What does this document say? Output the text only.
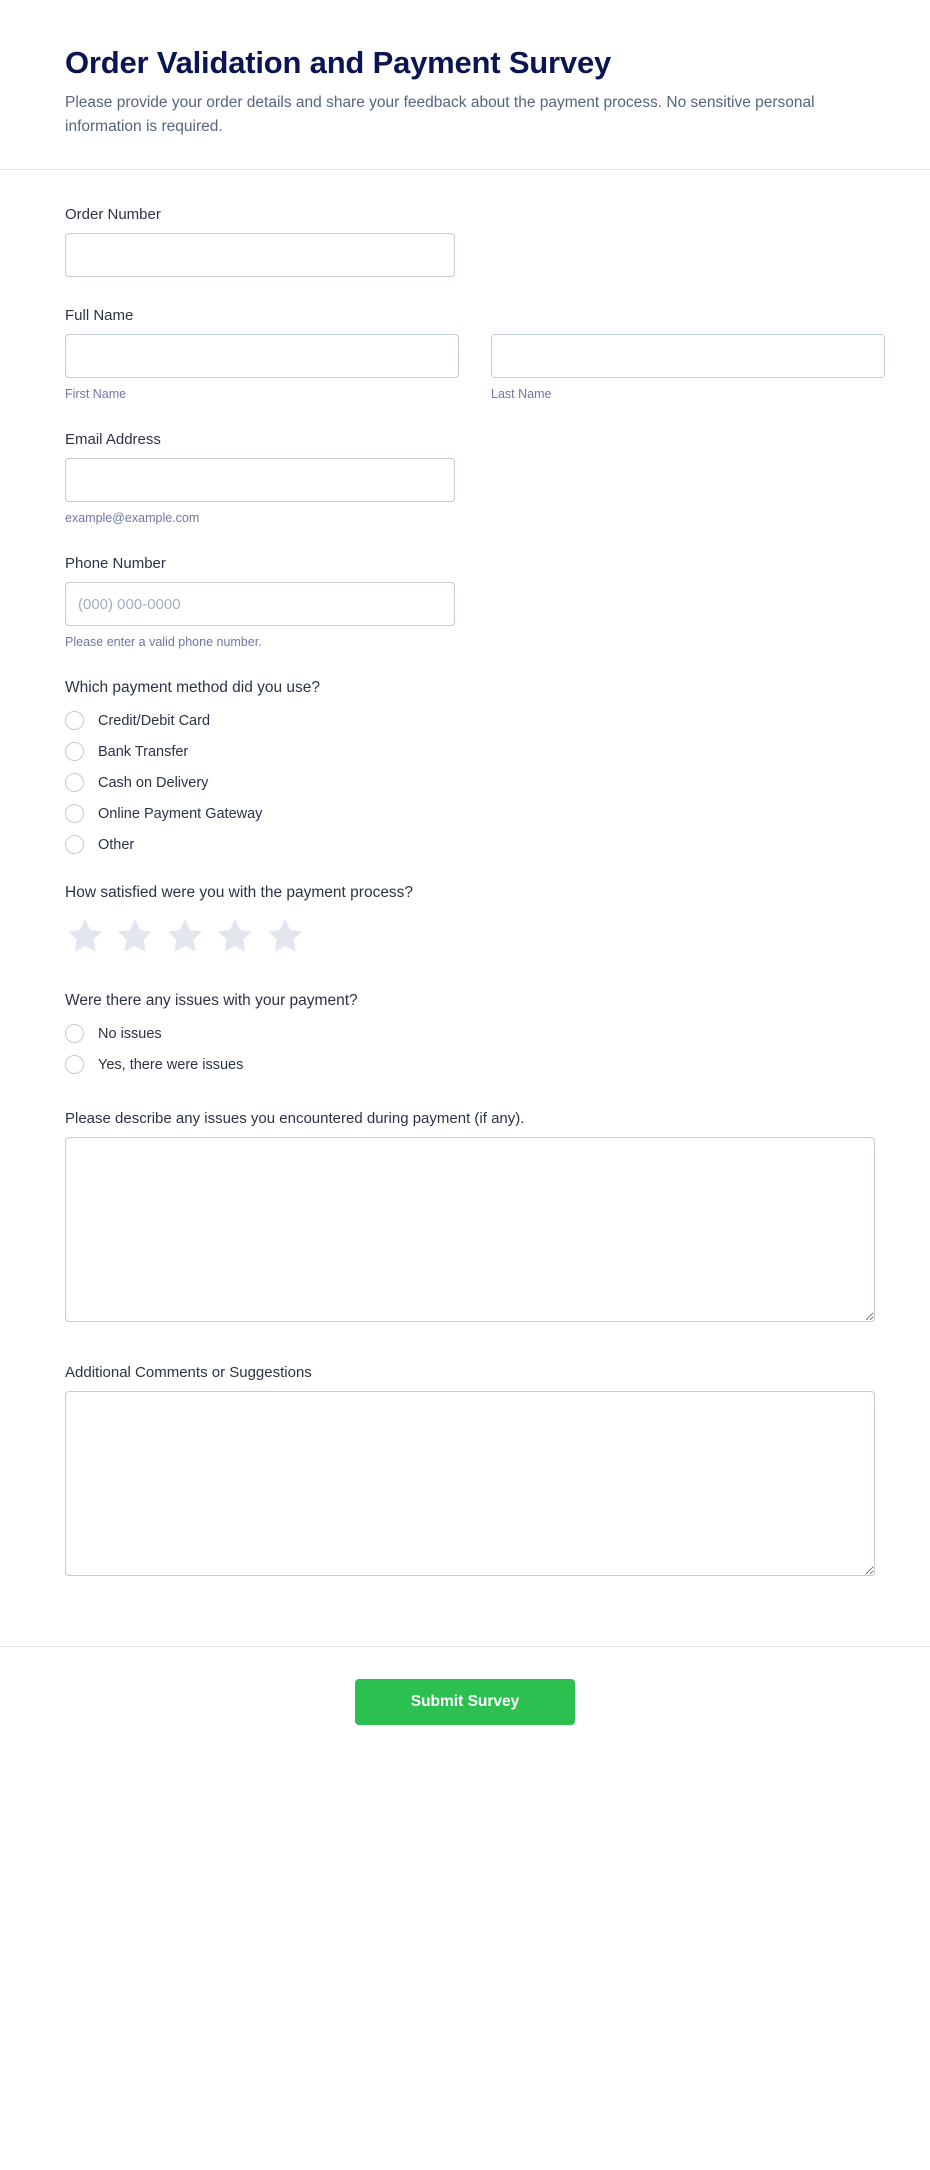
Order Validation and Payment Survey

Please provide your order details and share your feedback about the payment process. No sensitive personal information is required.

Order Number
Full Name
First Name	Last Name
Email Address
example@example.com
Phone Number
(000) 000-0000
Please enter a valid phone number.
Which payment method did you use?
Credit/Debit Card
Bank Transfer
Cash on Delivery
Online Payment Gateway
Other
How satisfied were you with the payment process?
Were there any issues with your payment?
No issues
Yes, there were issues
Please describe any issues you encountered during payment (if any).
Additional Comments or Suggestions
Submit Survey
